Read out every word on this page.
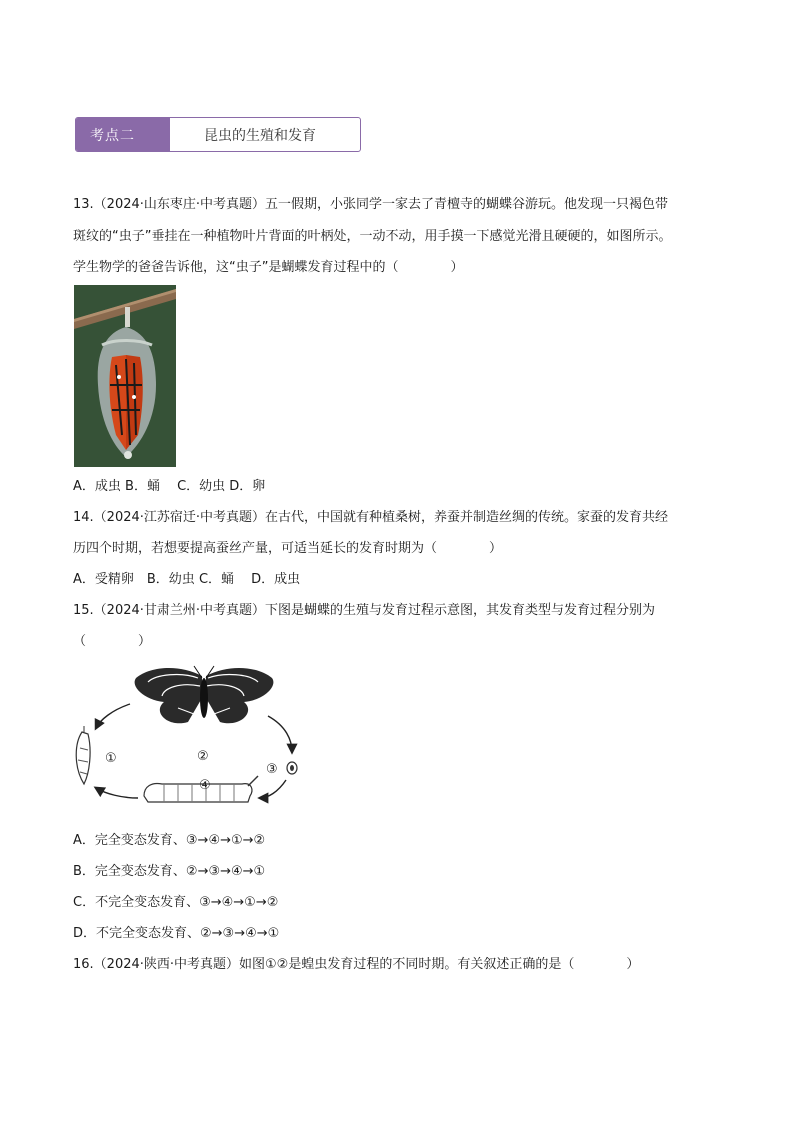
考点二	昆虫的生殖和发育
13.（2024·山东枣庄·中考真题）五一假期，小张同学一家去了青檀寺的蝴蝶谷游玩。他发现一只褐色带
斑纹的“虫子”垂挂在一种植物叶片背面的叶柄处，一动不动，用手摸一下感觉光滑且硬硬的，如图所示。
学生物学的爸爸告诉他，这“虫子”是蝴蝶发育过程中的（　　　　）
A．成虫 B．蛹　 C．幼虫 D．卵
14.（2024·江苏宿迁·中考真题）在古代，中国就有种植桑树，养蚕并制造丝绸的传统。家蚕的发育共经
历四个时期，若想要提高蚕丝产量，可适当延长的发育时期为（　　　　）
A．受精卵　B．幼虫 C．蛹　 D．成虫
15.（2024·甘肃兰州·中考真题）下图是蝴蝶的生殖与发育过程示意图，其发育类型与发育过程分别为
（　　　　）
①	②
③
④
A．完全变态发育、③→④→①→②
B．完全变态发育、②→③→④→①
C．不完全变态发育、③→④→①→②
D．不完全变态发育、②→③→④→①
16.（2024·陕西·中考真题）如图①②是蝗虫发育过程的不同时期。有关叙述正确的是（　　　　）
